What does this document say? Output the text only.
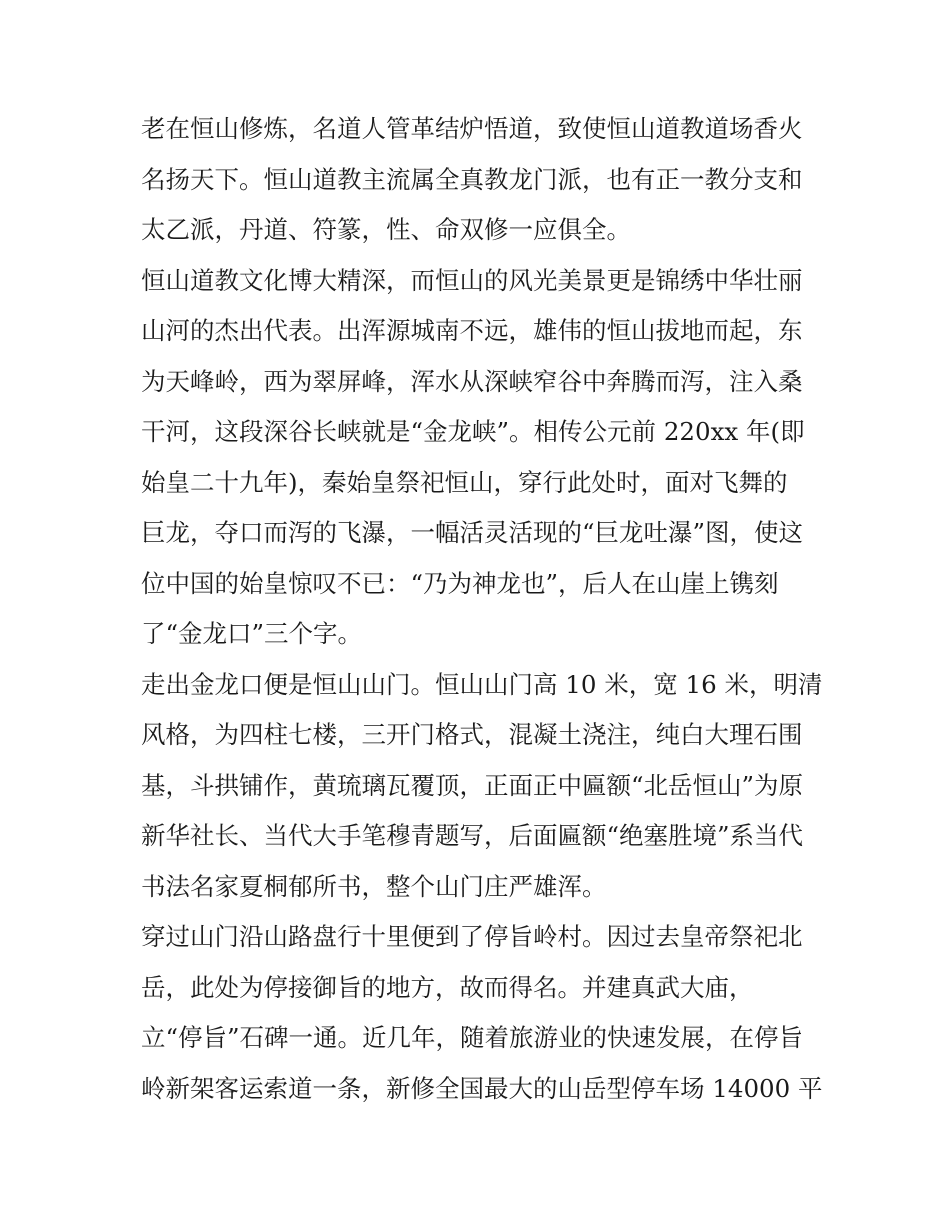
老在恒山修炼，名道人管革结炉悟道，致使恒山道教道场香火
名扬天下。恒山道教主流属全真教龙门派，也有正一教分支和
太乙派，丹道、符篆，性、命双修一应俱全。
恒山道教文化博大精深，而恒山的风光美景更是锦绣中华壮丽
山河的杰出代表。出浑源城南不远，雄伟的恒山拔地而起，东
为天峰岭，西为翠屏峰，浑水从深峡窄谷中奔腾而泻，注入桑
干河，这段深谷长峡就是“金龙峡”。相传公元前 220xx 年(即
始皇二十九年)，秦始皇祭祀恒山，穿行此处时，面对飞舞的
巨龙，夺口而泻的飞瀑，一幅活灵活现的“巨龙吐瀑”图，使这
位中国的始皇惊叹不已：“乃为神龙也”，后人在山崖上镌刻
了“金龙口”三个字。
走出金龙口便是恒山山门。恒山山门高 10 米，宽 16 米，明清
风格，为四柱七楼，三开门格式，混凝土浇注，纯白大理石围
基，斗拱铺作，黄琉璃瓦覆顶，正面正中匾额“北岳恒山”为原
新华社长、当代大手笔穆青题写，后面匾额“绝塞胜境”系当代
书法名家夏桐郁所书，整个山门庄严雄浑。
穿过山门沿山路盘行十里便到了停旨岭村。因过去皇帝祭祀北
岳，此处为停接御旨的地方，故而得名。并建真武大庙，
立“停旨”石碑一通。近几年，随着旅游业的快速发展，在停旨
岭新架客运索道一条，新修全国最大的山岳型停车场 14000 平
